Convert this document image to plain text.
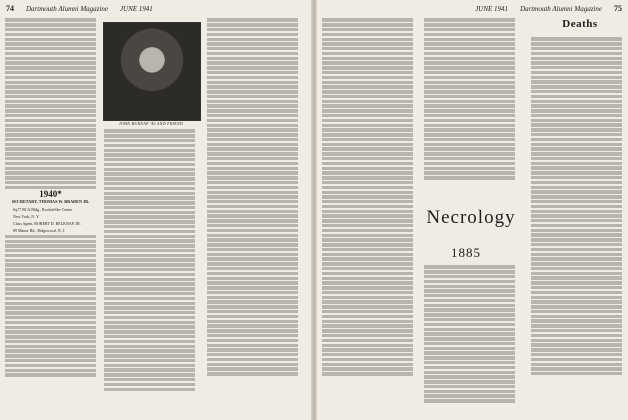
74 Dartmouth Alumni Magazine JUNE 1941
1940*
SECRETARY, THOMAS W. BRADEN JR.
Sq77 RCA Bldg., Rockefeller Center
New York, N. Y.
Class Agent, ROBERT D. BELKNAP, JR.
89 Manor Rd., Ridgewood, N. J.
JOHN BURNAP '40 AND FRIEND
JUNE 1941 Dartmouth Alumni Magazine 75
Necrology
1885
Deaths
